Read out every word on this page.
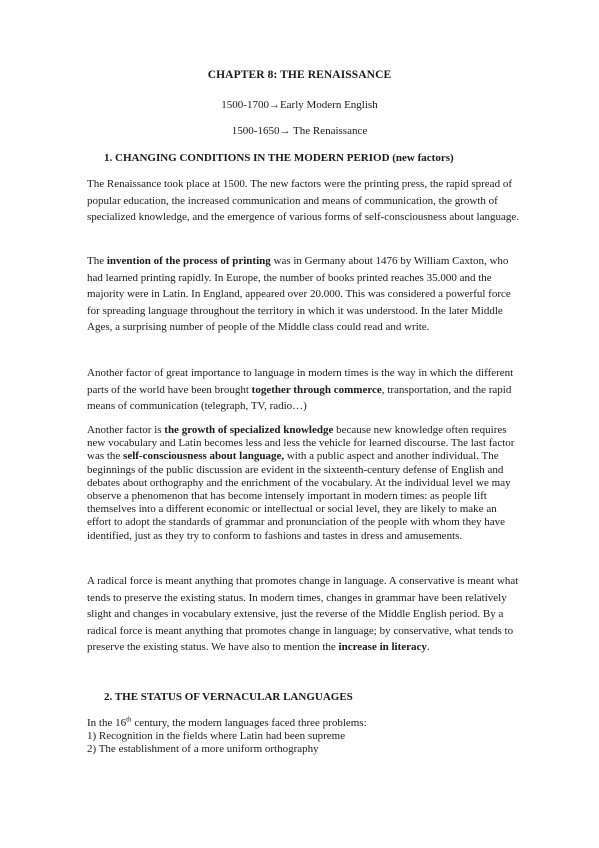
CHAPTER 8: THE RENAISSANCE
1500-1700→Early Modern English
1500-1650→ The Renaissance
1. CHANGING CONDITIONS IN THE MODERN PERIOD (new factors)

The Renaissance took place at 1500. The new factors were the printing press, the rapid spread of popular education, the increased communication and means of communication, the growth of specialized knowledge, and the emergence of various forms of self-consciousness about language.

The invention of the process of printing was in Germany about 1476 by William Caxton, who had learned printing rapidly. In Europe, the number of books printed reaches 35.000 and the majority were in Latin. In England, appeared over 20.000. This was considered a powerful force for spreading language throughout the territory in which it was understood. In the later Middle Ages, a surprising number of people of the Middle class could read and write.

Another factor of great importance to language in modern times is the way in which the different parts of the world have been brought together through commerce, transportation, and the rapid means of communication (telegraph, TV, radio…)

Another factor is the growth of specialized knowledge because new knowledge often requires new vocabulary and Latin becomes less and less the vehicle for learned discourse. The last factor was the self-consciousness about language, with a public aspect and another individual. The beginnings of the public discussion are evident in the sixteenth-century defense of English and debates about orthography and the enrichment of the vocabulary. At the individual level we may observe a phenomenon that has become intensely important in modern times: as people lift themselves into a different economic or intellectual or social level, they are likely to make an effort to adopt the standards of grammar and pronunciation of the people with whom they have identified, just as they try to conform to fashions and tastes in dress and amusements.

A radical force is meant anything that promotes change in language. A conservative is meant what tends to preserve the existing status. In modern times, changes in grammar have been relatively slight and changes in vocabulary extensive, just the reverse of the Middle English period. By a radical force is meant anything that promotes change in language; by conservative, what tends to preserve the existing status. We have also to mention the increase in literacy.

2. THE STATUS OF VERNACULAR LANGUAGES

In the 16th century, the modern languages faced three problems:
1) Recognition in the fields where Latin had been supreme
2) The establishment of a more uniform orthography
